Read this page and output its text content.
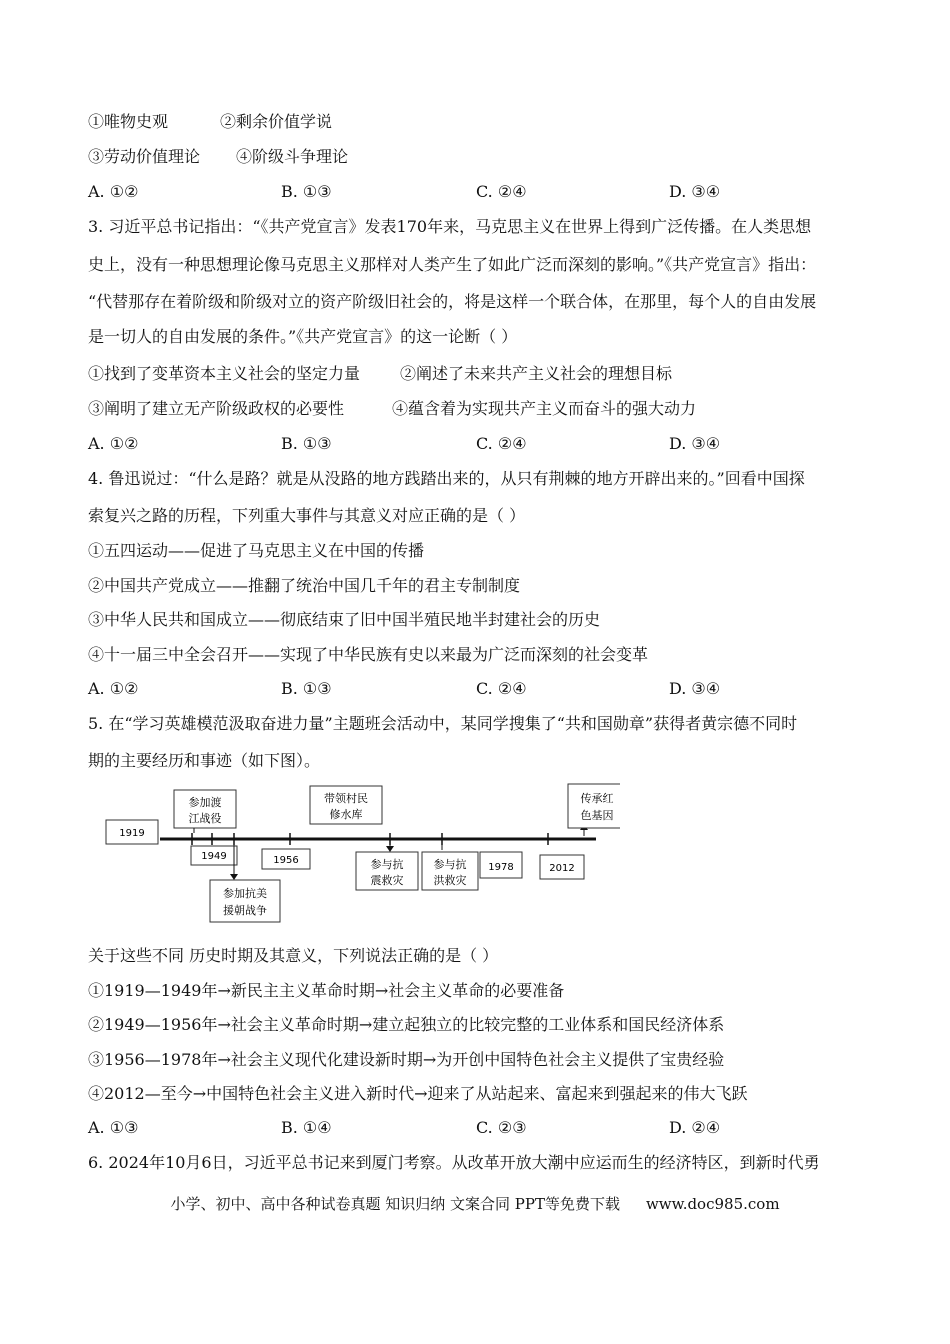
①唯物史观	②剩余价值学说
③劳动价值理论 ④阶级斗争理论
A. ①②	B. ①③	C. ②④	D. ③④
3. 习近平总书记指出：“《共产党宣言》发表170年来，马克思主义在世界上得到广泛传播。在人类思想
史上，没有一种思想理论像马克思主义那样对人类产生了如此广泛而深刻的影响。”《共产党宣言》指出：
“代替那存在着阶级和阶级对立的资产阶级旧社会的，将是这样一个联合体，在那里，每个人的自由发展
是一切人的自由发展的条件。”《共产党宣言》的这一论断（ ）
①找到了变革资本主义社会的坚定力量 ②阐述了未来共产主义社会的理想目标
③阐明了建立无产阶级政权的必要性	④蕴含着为实现共产主义而奋斗的强大动力
A. ①②	B. ①③	C. ②④	D. ③④
4. 鲁迅说过：“什么是路？就是从没路的地方践踏出来的，从只有荆棘的地方开辟出来的。”回看中国探
索复兴之路的历程，下列重大事件与其意义对应正确的是（ ）
①五四运动——促进了马克思主义在中国的传播
②中国共产党成立——推翻了统治中国几千年的君主专制制度
③中华人民共和国成立——彻底结束了旧中国半殖民地半封建社会的历史
④十一届三中全会召开——实现了中华民族有史以来最为广泛而深刻的社会变革
A. ①②	B. ①③	C. ②④	D. ③④
5. 在“学习英雄模范汲取奋进力量”主题班会活动中，某同学搜集了“共和国勋章”获得者黄宗德不同时
期的主要经历和事迹（如下图）。
1919
1949	1956
1978	2012
参加渡
江战役
参加抗美
援朝战争
带领村民
修水库
参与抗
震救灾
参与抗
洪救灾
传承红
色基因
关于这些不同 历史时期及其意义，下列说法正确的是（ ）
①1919—1949年→新民主主义革命时期→社会主义革命的必要准备
②1949—1956年→社会主义革命时期→建立起独立的比较完整的工业体系和国民经济体系
③1956—1978年→社会主义现代化建设新时期→为开创中国特色社会主义提供了宝贵经验
④2012—至今→中国特色社会主义进入新时代→迎来了从站起来、富起来到强起来的伟大飞跃
A. ①③	B. ①④	C. ②③	D. ②④
6. 2024年10月6日，习近平总书记来到厦门考察。从改革开放大潮中应运而生的经济特区，到新时代勇
小学、初中、高中各种试卷真题 知识归纳 文案合同 PPT等免费下载 www.doc985.com
